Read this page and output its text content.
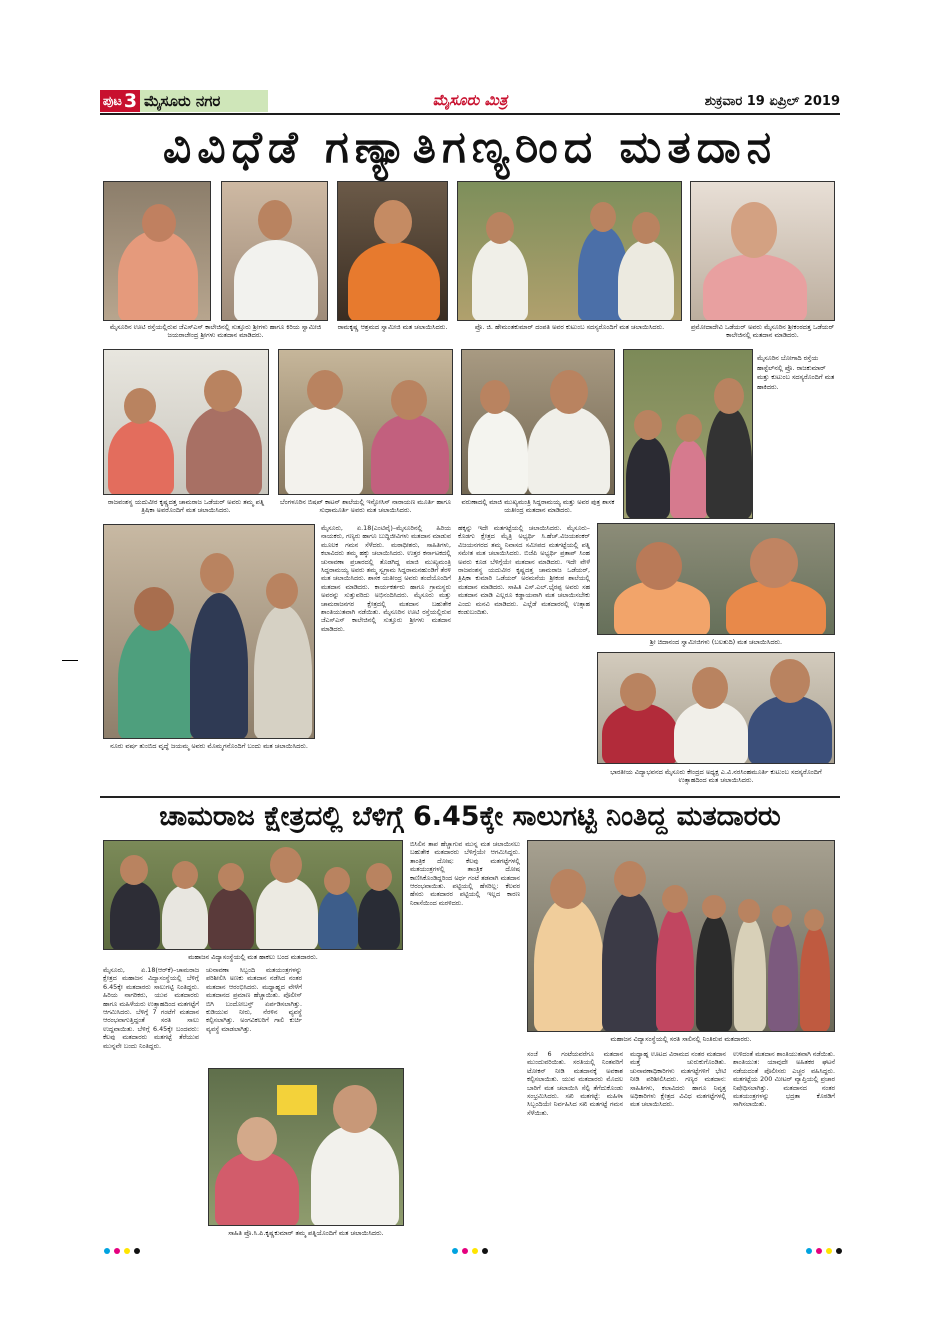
ಪುಟ 3 ಮೈಸೂರು ನಗರ	ಮೈಸೂರು ಮಿತ್ರ	ಶುಕ್ರವಾರ 19 ಏಪ್ರಿಲ್ 2019
ವಿವಿಧೆಡೆ ಗಣ್ಯಾತಿಗಣ್ಯರಿಂದ ಮತದಾನ
ಮೈಸೂರಿನ ಊಟಿ ರಸ್ತೆಯಲ್ಲಿರುವ ಜೆಎಸ್‌ಎಸ್ ಕಾಲೇಜಿನಲ್ಲಿ ಸುತ್ತೂರು ಶ್ರೀಗಳು ಹಾಗೂ ಕಿರಿಯ ಸ್ವಾಮೀಜಿ ಜಯರಾಜೇಂದ್ರ ಶ್ರೀಗಳು ಮತದಾನ ಮಾಡಿದರು.
ರಾಮಕೃಷ್ಣ ಆಶ್ರಮದ ಸ್ವಾಮೀಜಿ ಮತ ಚಲಾಯಿಸಿದರು.	ಪ್ರೊ. ಜಿ. ಹೇಮಂತಕುಮಾರ್ ದಂಪತಿ ಅವರ ಕುಟುಂಬ ಸದಸ್ಯರೊಂದಿಗೆ ಮತ ಚಲಾಯಿಸಿದರು.	ಪ್ರಮೋದಾದೇವಿ ಒಡೆಯರ್ ಅವರು ಮೈಸೂರಿನ ಶ್ರೀಕಂಠದತ್ತ ಒಡೆಯರ್ ಕಾಲೇಜಿನಲ್ಲಿ ಮತದಾನ ಮಾಡಿದರು.
ಮೈಸೂರಿನ ಬೋಗಾದಿ ರಸ್ತೆಯ ಹಾಸ್ಟೆಲ್‌ನಲ್ಲಿ ಪ್ರೊ. ರಾಜಕುಮಾರ್ ಮತ್ತು ಕುಟುಂಬ ಸದಸ್ಯರೊಂದಿಗೆ ಮತ ಹಾಕಿದರು.
ರಾಜವಂಶಸ್ಥ ಯದುವೀರ ಕೃಷ್ಣದತ್ತ ಚಾಮರಾಜ ಒಡೆಯರ್ ಅವರು ತಮ್ಮ ಪತ್ನಿ ತ್ರಿಷಿಕಾ ಅವರೊಂದಿಗೆ ಮತ ಚಲಾಯಿಸಿದರು.
ಬೆಂಗಳೂರಿನ ಬಿಷಪ್ ಕಾಟನ್ ಶಾಲೆಯಲ್ಲಿ ಇನ್ಫೋಸಿಸ್ ನಾರಾಯಣ ಮೂರ್ತಿ ಹಾಗೂ ಸುಧಾಮೂರ್ತಿ ಅವರು ಮತ ಚಲಾಯಿಸಿದರು.
ವರುಣಾದಲ್ಲಿ ಮಾಜಿ ಮುಖ್ಯಮಂತ್ರಿ ಸಿದ್ದರಾಮಯ್ಯ ಮತ್ತು ಅವರ ಪುತ್ರ ಶಾಸಕ ಯತೀಂದ್ರ ಮತದಾನ ಮಾಡಿದರು.
ನೂರು ವರ್ಷ ತುಂಬಿದ ವೃದ್ಧೆ ಜಯಮ್ಮ ಅವರು ಮೊಮ್ಮಗನೊಂದಿಗೆ ಬಂದು ಮತ ಚಲಾಯಿಸಿದರು.
ಮೈಸೂರು, ಏ.18(ಎಂಟಿವೈ)–ಮೈಸೂರಿನಲ್ಲಿ ಹಿರಿಯ ನಾಯಕರು, ಗಣ್ಯರು ಹಾಗೂ ಬುದ್ಧಿಜೀವಿಗಳು ಮತದಾನ ಮಾಡುವ ಮೂಲಕ ಗಮನ ಸೆಳೆದರು. ಮಠಾಧೀಶರು, ಸಾಹಿತಿಗಳು, ಕಲಾವಿದರು ತಮ್ಮ ಹಕ್ಕು ಚಲಾಯಿಸಿದರು. ಉತ್ತರ ಕರ್ನಾಟಕದಲ್ಲಿ ಚುನಾವಣಾ ಪ್ರಚಾರದಲ್ಲಿ ತೊಡಗಿದ್ದ ಮಾಜಿ ಮುಖ್ಯಮಂತ್ರಿ ಸಿದ್ದರಾಮಯ್ಯ ಅವರು ತಮ್ಮ ಸ್ವಗ್ರಾಮ ಸಿದ್ದರಾಮನಹುಂಡಿಗೆ ತೆರಳಿ ಮತ ಚಲಾಯಿಸಿದರು. ಶಾಸಕ ಯತೀಂದ್ರ ಅವರು ತಂದೆಯೊಂದಿಗೆ ಮತದಾನ ಮಾಡಿದರು. ಕಾರ್ಯಕರ್ತರು ಹಾಗೂ ಗ್ರಾಮಸ್ಥರು ಅವರನ್ನು ಸುತ್ತುವರಿದು ಅಭಿನಂದಿಸಿದರು. ಮೈಸೂರು ಮತ್ತು ಚಾಮರಾಜನಗರ ಕ್ಷೇತ್ರದಲ್ಲಿ ಮತದಾನ ಬಹುತೇಕ ಶಾಂತಿಯುತವಾಗಿ ನಡೆಯಿತು. ಮೈಸೂರಿನ ಊಟಿ ರಸ್ತೆಯಲ್ಲಿರುವ ಜೆಎಸ್‌ಎಸ್ ಕಾಲೇಜಿನಲ್ಲಿ ಸುತ್ತೂರು ಶ್ರೀಗಳು ಮತದಾನ ಮಾಡಿದರು.
ಹಕ್ಕನ್ನು ಇದೇ ಮತಗಟ್ಟೆಯಲ್ಲಿ ಚಲಾಯಿಸಿದರು. ಮೈಸೂರು–ಕೊಡಗು ಕ್ಷೇತ್ರದ ಮೈತ್ರಿ ಅಭ್ಯರ್ಥಿ ಸಿ.ಹೆಚ್.ವಿಜಯಶಂಕರ್ ವಿಜಯನಗರದ ತಮ್ಮ ನಿವಾಸದ ಸಮೀಪದ ಮತಗಟ್ಟೆಯಲ್ಲಿ ಪತ್ನಿ ಸಮೇತ ಮತ ಚಲಾಯಿಸಿದರು. ಬಿಜೆಪಿ ಅಭ್ಯರ್ಥಿ ಪ್ರತಾಪ್ ಸಿಂಹ ಅವರು ಕೂಡ ಬೆಳಿಗ್ಗೆಯೇ ಮತದಾನ ಮಾಡಿದರು. ಇದೇ ವೇಳೆ ರಾಜವಂಶಸ್ಥ ಯದುವೀರ ಕೃಷ್ಣದತ್ತ ಚಾಮರಾಜ ಒಡೆಯರ್, ತ್ರಿಷಿಕಾ ಕುಮಾರಿ ಒಡೆಯರ್ ಅರಮನೆಯ ಶ್ರೀಕಂಠ ಶಾಲೆಯಲ್ಲಿ ಮತದಾನ ಮಾಡಿದರು. ಸಾಹಿತಿ ಎಸ್.ಎಲ್.ಭೈರಪ್ಪ ಅವರು ಸಹ ಮತದಾನ ಮಾಡಿ ಎಲ್ಲರೂ ಕಡ್ಡಾಯವಾಗಿ ಮತ ಚಲಾಯಿಸಬೇಕು ಎಂದು ಮನವಿ ಮಾಡಿದರು. ಎಲ್ಲೆಡೆ ಮತದಾರರಲ್ಲಿ ಉತ್ಸಾಹ ಕಂಡುಬಂದಿತು.
ಶ್ರೀ ಚಿದಾನಂದ ಸ್ವಾಮೀಜಿಗಳು (ಬಲತುದಿ) ಮತ ಚಲಾಯಿಸಿದರು.
ಭಾರತೀಯ ವಿದ್ಯಾಭವನದ ಮೈಸೂರು ಕೇಂದ್ರದ ಅಧ್ಯಕ್ಷ ಎ.ವಿ.ನರಸಿಂಹಮೂರ್ತಿ ಕುಟುಂಬ ಸದಸ್ಯರೊಂದಿಗೆ ಉತ್ಸಾಹದಿಂದ ಮತ ಚಲಾಯಿಸಿದರು.
ಚಾಮರಾಜ ಕ್ಷೇತ್ರದಲ್ಲಿ ಬೆಳಿಗ್ಗೆ 6.45ಕ್ಕೇ ಸಾಲುಗಟ್ಟಿ ನಿಂತಿದ್ದ ಮತದಾರರು
ಮಹಾಜನ ವಿದ್ಯಾಸಂಸ್ಥೆಯಲ್ಲಿ ಮತ ಹಾಕಲು ಬಂದ ಮತದಾರರು.
ಮೈಸೂರು, ಏ.18(ಆರ್‌ಕೆ)–ಚಾಮರಾಜ ಕ್ಷೇತ್ರದ ಮಹಾಜನ ವಿದ್ಯಾಸಂಸ್ಥೆಯಲ್ಲಿ ಬೆಳಿಗ್ಗೆ 6.45ಕ್ಕೇ ಮತದಾರರು ಸಾಲುಗಟ್ಟಿ ನಿಂತಿದ್ದರು. ಹಿರಿಯ ನಾಗರಿಕರು, ಯುವ ಮತದಾರರು ಹಾಗೂ ಮಹಿಳೆಯರು ಉತ್ಸಾಹದಿಂದ ಮತಗಟ್ಟೆಗೆ ಆಗಮಿಸಿದರು. ಬೆಳಿಗ್ಗೆ 7 ಗಂಟೆಗೆ ಮತದಾನ ಆರಂಭವಾಗುತ್ತಿದ್ದಂತೆ ಸರತಿ ಸಾಲು ಉದ್ದವಾಯಿತು. ಬೆಳಿಗ್ಗೆ 6.45ಕ್ಕೇ ಬಂದವರು: ಕೆಲವು ಮತದಾರರು ಮತಗಟ್ಟೆ ತೆರೆಯುವ ಮುನ್ನವೇ ಬಂದು ನಿಂತಿದ್ದರು.
ಚುನಾವಣಾ ಸಿಬ್ಬಂದಿ ಮತಯಂತ್ರಗಳನ್ನು ಪರಿಶೀಲಿಸಿ ಅಣಕು ಮತದಾನ ನಡೆಸಿದ ನಂತರ ಮತದಾನ ಆರಂಭಿಸಿದರು. ಮಧ್ಯಾಹ್ನದ ವೇಳೆಗೆ ಮತದಾನದ ಪ್ರಮಾಣ ಹೆಚ್ಚಾಯಿತು. ಪೊಲೀಸ್ ಬಿಗಿ ಬಂದೋಬಸ್ತ್ ಏರ್ಪಡಿಸಲಾಗಿತ್ತು. ಕುಡಿಯುವ ನೀರು, ನೆರಳಿನ ವ್ಯವಸ್ಥೆ ಕಲ್ಪಿಸಲಾಗಿತ್ತು. ಅಂಗವಿಕಲರಿಗೆ ಗಾಲಿ ಕುರ್ಚಿ ವ್ಯವಸ್ಥೆ ಮಾಡಲಾಗಿತ್ತು.
ಬಿಸಿಲಿನ ತಾಪ ಹೆಚ್ಚಾಗುವ ಮುನ್ನ ಮತ ಚಲಾಯಿಸಲು ಬಹುತೇಕ ಮತದಾರರು ಬೆಳಿಗ್ಗೆಯೇ ಆಗಮಿಸಿದ್ದರು. ತಾಂತ್ರಿಕ ದೋಷ: ಕೆಲವು ಮತಗಟ್ಟೆಗಳಲ್ಲಿ ಮತಯಂತ್ರಗಳಲ್ಲಿ ತಾಂತ್ರಿಕ ದೋಷ ಕಾಣಿಸಿಕೊಂಡಿದ್ದರಿಂದ ಅರ್ಧ ಗಂಟೆ ತಡವಾಗಿ ಮತದಾನ ಆರಂಭವಾಯಿತು. ಪಟ್ಟಿಯಲ್ಲಿ ಹೆಸರಿಲ್ಲ: ಕೆಲವರ ಹೆಸರು ಮತದಾರರ ಪಟ್ಟಿಯಲ್ಲಿ ಇಲ್ಲದ ಕಾರಣ ನಿರಾಸೆಯಿಂದ ಮರಳಿದರು.
ಮಹಾಜನ ವಿದ್ಯಾಸಂಸ್ಥೆಯಲ್ಲಿ ಸರತಿ ಸಾಲಿನಲ್ಲಿ ನಿಂತಿರುವ ಮತದಾರರು.
ಸಂಜೆ 6 ಗಂಟೆಯವರೆಗೂ ಮತದಾನ ಮುಂದುವರಿಯಿತು. ಸರತಿಯಲ್ಲಿ ನಿಂತವರಿಗೆ ಟೋಕನ್ ನೀಡಿ ಮತದಾನಕ್ಕೆ ಅವಕಾಶ ಕಲ್ಪಿಸಲಾಯಿತು. ಯುವ ಮತದಾರರು ಮೊದಲ ಬಾರಿಗೆ ಮತ ಚಲಾಯಿಸಿ ಸೆಲ್ಫಿ ತೆಗೆದುಕೊಂಡು ಸಂಭ್ರಮಿಸಿದರು. ಸಖಿ ಮತಗಟ್ಟೆ: ಮಹಿಳಾ ಸಿಬ್ಬಂದಿಯೇ ನಿರ್ವಹಿಸಿದ ಸಖಿ ಮತಗಟ್ಟೆ ಗಮನ ಸೆಳೆಯಿತು.
ಮಧ್ಯಾಹ್ನ ಊಟದ ವಿರಾಮದ ನಂತರ ಮತದಾನ ಮತ್ತೆ ಚುರುಕುಗೊಂಡಿತು. ಚುನಾವಣಾಧಿಕಾರಿಗಳು ಮತಗಟ್ಟೆಗಳಿಗೆ ಭೇಟಿ ನೀಡಿ ಪರಿಶೀಲಿಸಿದರು. ಗಣ್ಯರ ಮತದಾನ: ಸಾಹಿತಿಗಳು, ಕಲಾವಿದರು ಹಾಗೂ ನಿವೃತ್ತ ಅಧಿಕಾರಿಗಳು ಕ್ಷೇತ್ರದ ವಿವಿಧ ಮತಗಟ್ಟೆಗಳಲ್ಲಿ ಮತ ಚಲಾಯಿಸಿದರು.
ಉಳಿದಂತೆ ಮತದಾನ ಶಾಂತಿಯುತವಾಗಿ ನಡೆಯಿತು. ಶಾಂತಿಯುತ: ಯಾವುದೇ ಅಹಿತಕರ ಘಟನೆ ನಡೆಯದಂತೆ ಪೊಲೀಸರು ಎಚ್ಚರ ವಹಿಸಿದ್ದರು. ಮತಗಟ್ಟೆಯ 200 ಮೀಟರ್ ವ್ಯಾಪ್ತಿಯಲ್ಲಿ ಪ್ರಚಾರ ನಿಷೇಧಿಸಲಾಗಿತ್ತು. ಮತದಾನದ ನಂತರ ಮತಯಂತ್ರಗಳನ್ನು ಭದ್ರತಾ ಕೊಠಡಿಗೆ ಸಾಗಿಸಲಾಯಿತು.
ಸಾಹಿತಿ ಪ್ರೊ.ಸಿ.ಪಿ.ಕೃಷ್ಣಕುಮಾರ್ ತಮ್ಮ ಪತ್ನಿಯೊಂದಿಗೆ ಮತ ಚಲಾಯಿಸಿದರು.
